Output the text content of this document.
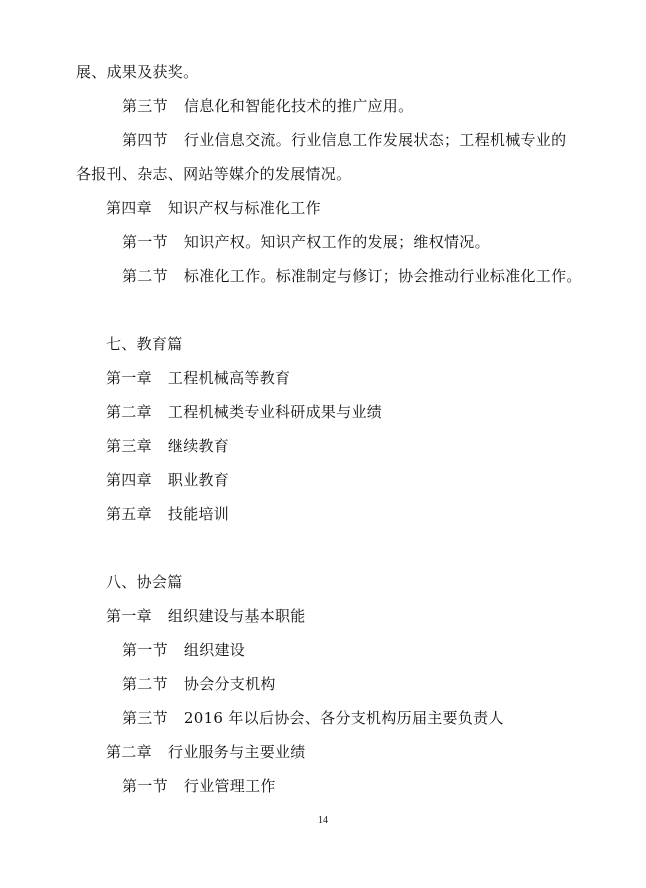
展、成果及获奖。
第三节 信息化和智能化技术的推广应用。
第四节 行业信息交流。行业信息工作发展状态；工程机械专业的
各报刊、杂志、网站等媒介的发展情况。
第四章 知识产权与标准化工作
第一节 知识产权。知识产权工作的发展；维权情况。
第二节 标准化工作。标准制定与修订；协会推动行业标准化工作。
七、教育篇
第一章 工程机械高等教育
第二章 工程机械类专业科研成果与业绩
第三章 继续教育
第四章 职业教育
第五章 技能培训
八、协会篇
第一章 组织建设与基本职能
第一节 组织建设
第二节 协会分支机构
第三节 2016 年以后协会、各分支机构历届主要负责人
第二章 行业服务与主要业绩
第一节 行业管理工作
14
